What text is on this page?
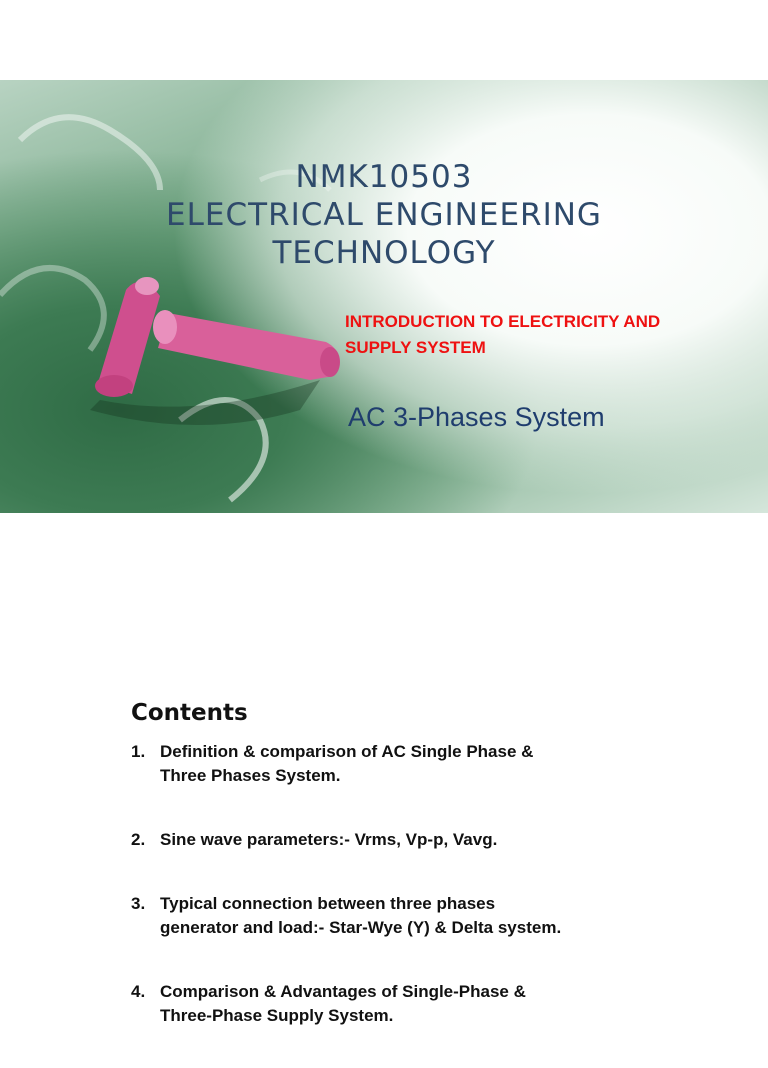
NMK10503
ELECTRICAL ENGINEERING
TECHNOLOGY
INTRODUCTION TO ELECTRICITY AND
SUPPLY SYSTEM
AC 3-Phases System
Contents
1. Definition & comparison of AC Single Phase &
Three Phases System.
2. Sine wave parameters:- Vrms, Vp-p, Vavg.
3. Typical connection between three phases
generator and load:- Star-Wye (Y) & Delta system.
4. Comparison & Advantages of Single-Phase &
Three-Phase Supply System.
